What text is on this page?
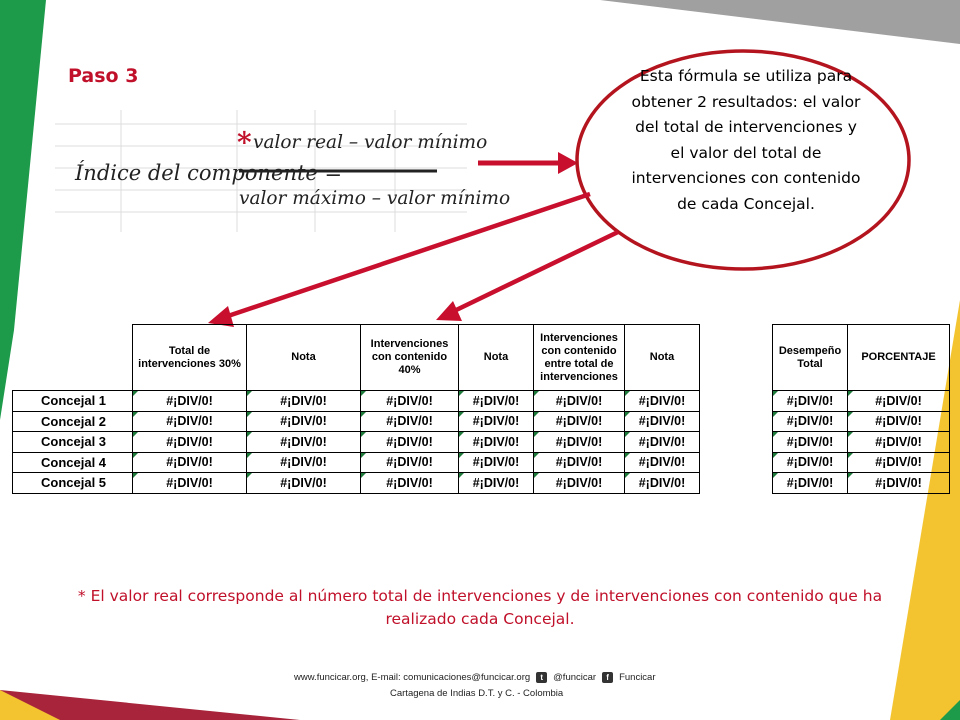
Paso 3
Índice del componente =
* valor real – valor mínimo
valor máximo – valor mínimo
Esta fórmula se utiliza para obtener 2 resultados: el valor del total de intervenciones y el valor del total de intervenciones con contenido de cada Concejal.
	Total de intervenciones 30%	Nota	Intervenciones con contenido 40%	Nota	Intervenciones con contenido entre total de intervenciones	Nota		Desempeño Total	PORCENTAJE
Concejal 1	#¡DIV/0!	#¡DIV/0!	#¡DIV/0!	#¡DIV/0!	#¡DIV/0!	#¡DIV/0!		#¡DIV/0!	#¡DIV/0!
Concejal 2	#¡DIV/0!	#¡DIV/0!	#¡DIV/0!	#¡DIV/0!	#¡DIV/0!	#¡DIV/0!		#¡DIV/0!	#¡DIV/0!
Concejal 3	#¡DIV/0!	#¡DIV/0!	#¡DIV/0!	#¡DIV/0!	#¡DIV/0!	#¡DIV/0!		#¡DIV/0!	#¡DIV/0!
Concejal 4	#¡DIV/0!	#¡DIV/0!	#¡DIV/0!	#¡DIV/0!	#¡DIV/0!	#¡DIV/0!		#¡DIV/0!	#¡DIV/0!
Concejal 5	#¡DIV/0!	#¡DIV/0!	#¡DIV/0!	#¡DIV/0!	#¡DIV/0!	#¡DIV/0!		#¡DIV/0!	#¡DIV/0!
* El valor real corresponde al número total de intervenciones y de intervenciones con contenido que ha realizado cada Concejal.
www.funcicar.org, E-mail: comunicaciones@funcicar.org	t	@funcicar	f	Funcicar
Cartagena de Indias D.T. y C. - Colombia
